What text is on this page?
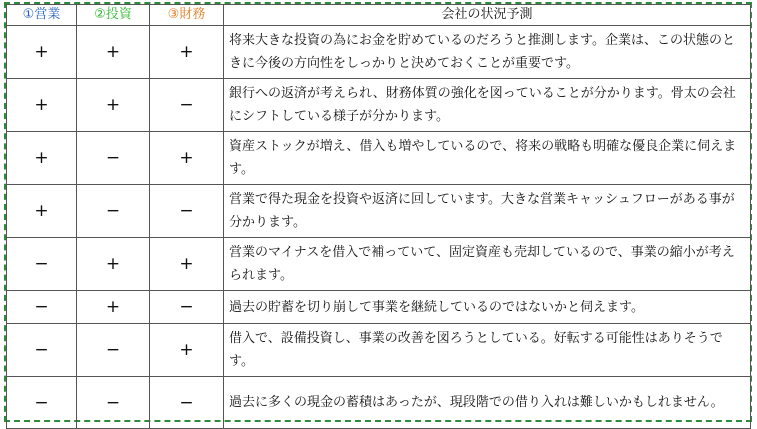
①営業	②投資	③財務	会社の状況予測
+	+	+	将来大きな投資の為にお金を貯めているのだろうと推測します。企業は、この状態のときに今後の方向性をしっかりと決めておくことが重要です。
+	+	−	銀行への返済が考えられ、財務体質の強化を図っていることが分かります。骨太の会社にシフトしている様子が分かります。
+	−	+	資産ストックが増え、借入も増やしているので、将来の戦略も明確な優良企業に伺えます。
+	−	−	営業で得た現金を投資や返済に回しています。大きな営業キャッシュフローがある事が分かります。
−	+	+	営業のマイナスを借入で補っていて、固定資産も売却しているので、事業の縮小が考えられます。
−	+	−	過去の貯蓄を切り崩して事業を継続しているのではないかと伺えます。
−	−	+	借入で、設備投資し、事業の改善を図ろうとしている。好転する可能性はありそうです。
−	−	−	過去に多くの現金の蓄積はあったが、現段階での借り入れは難しいかもしれません。
